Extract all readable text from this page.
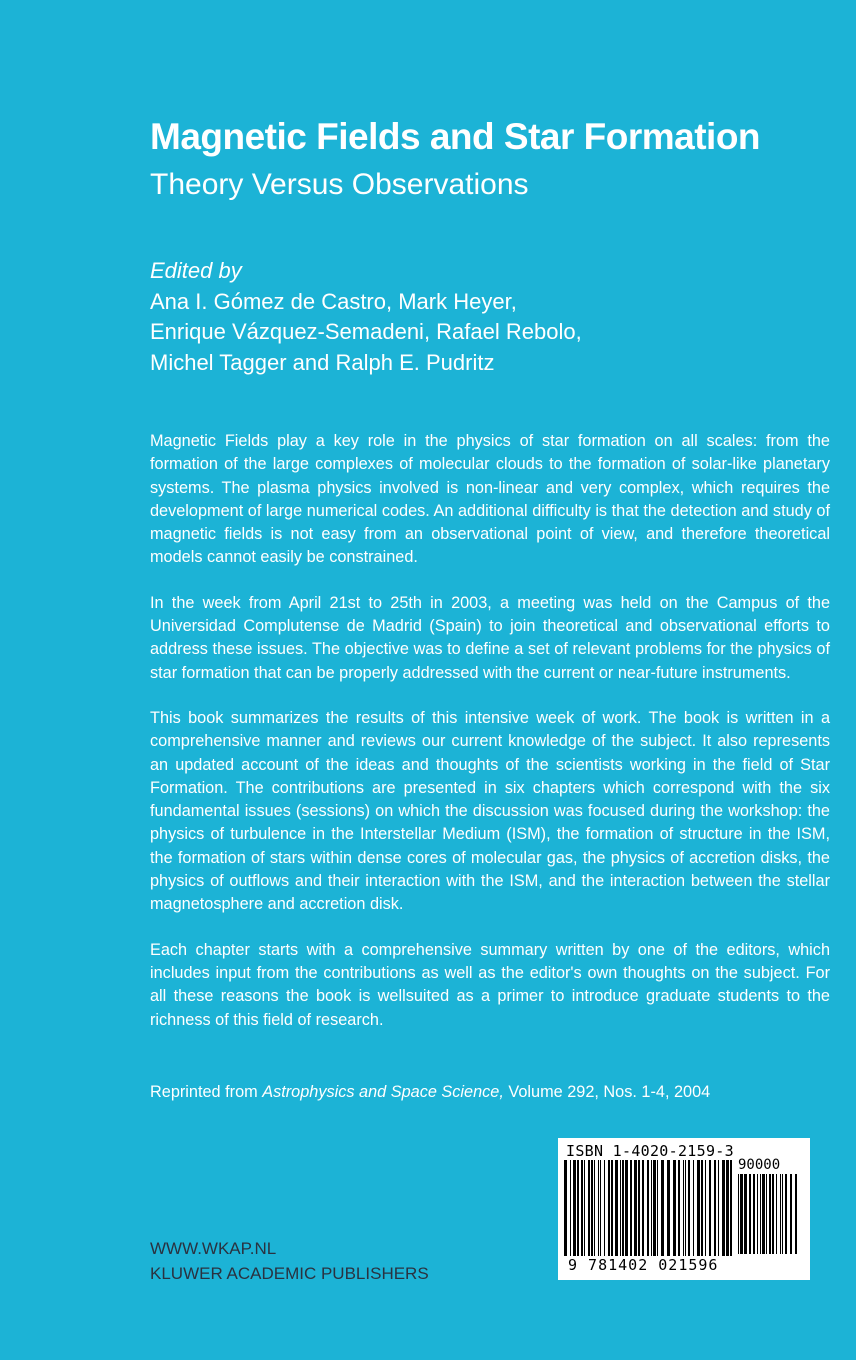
Magnetic Fields and Star Formation
Theory Versus Observations
Edited by
Ana I. Gómez de Castro, Mark Heyer,
Enrique Vázquez-Semadeni, Rafael Rebolo,
Michel Tagger and Ralph E. Pudritz

Magnetic Fields play a key role in the physics of star formation on all scales: from the formation of the large complexes of molecular clouds to the formation of solar-like planetary systems. The plasma physics involved is non-linear and very complex, which requires the development of large numerical codes. An additional difficulty is that the detection and study of magnetic fields is not easy from an observational point of view, and therefore theoretical models cannot easily be constrained.

In the week from April 21st to 25th in 2003, a meeting was held on the Campus of the Universidad Complutense de Madrid (Spain) to join theoretical and observational efforts to address these issues. The objective was to define a set of relevant problems for the physics of star formation that can be properly addressed with the current or near-future instruments.

This book summarizes the results of this intensive week of work. The book is written in a comprehensive manner and reviews our current knowledge of the subject. It also represents an updated account of the ideas and thoughts of the scientists working in the field of Star Formation. The contributions are presented in six chapters which correspond with the six fundamental issues (sessions) on which the discussion was focused during the workshop: the physics of turbulence in the Interstellar Medium (ISM), the formation of structure in the ISM, the formation of stars within dense cores of molecular gas, the physics of accretion disks, the physics of outflows and their interaction with the ISM, and the interaction between the stellar magnetosphere and accretion disk.

Each chapter starts with a comprehensive summary written by one of the editors, which includes input from the contributions as well as the editor's own thoughts on the subject. For all these reasons the book is wellsuited as a primer to introduce graduate students to the richness of this field of research.

Reprinted from Astrophysics and Space Science, Volume 292, Nos. 1-4, 2004
WWW.WKAP.NL
KLUWER ACADEMIC PUBLISHERS
ISBN 1-4020-2159-3
90000
9 781402 021596
